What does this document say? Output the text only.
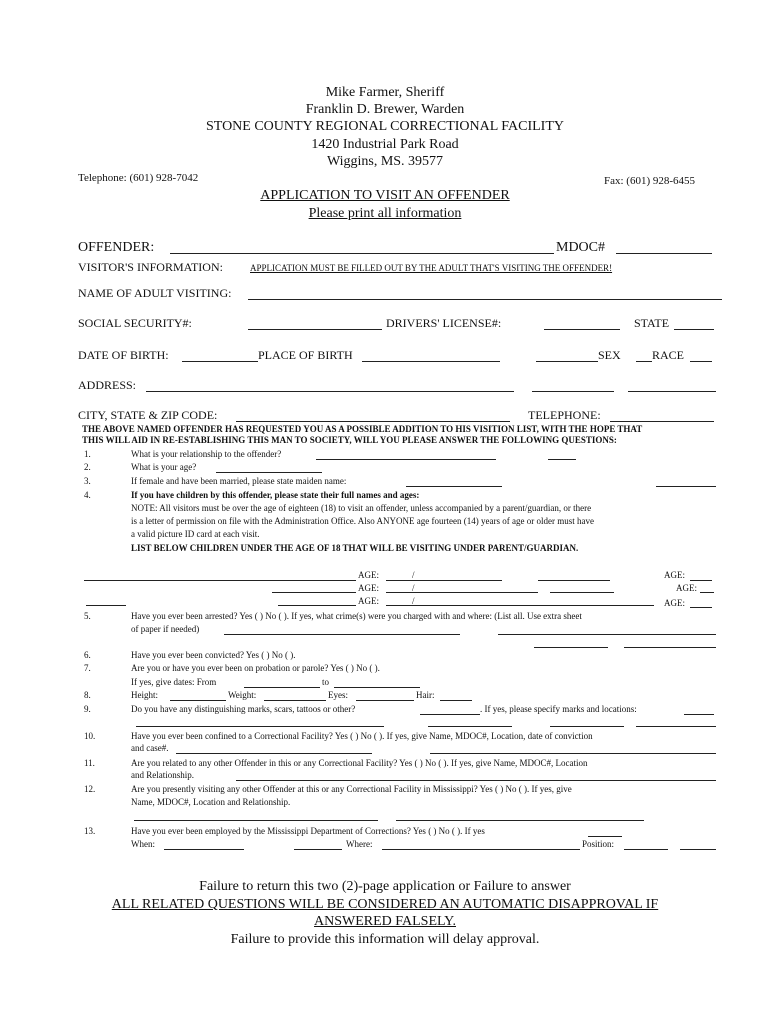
Mike Farmer, Sheriff
Franklin D. Brewer, Warden
STONE COUNTY REGIONAL CORRECTIONAL FACILITY
1420 Industrial Park Road
Wiggins, MS. 39577
Telephone: (601) 928-7042	Fax: (601) 928-6455
APPLICATION TO VISIT AN OFFENDER
Please print all information
OFFENDER:	MDOC#
VISITOR'S INFORMATION:	APPLICATION MUST BE FILLED OUT BY THE ADULT THAT'S VISITING THE OFFENDER!
NAME OF ADULT VISITING:
SOCIAL SECURITY#:	DRIVERS' LICENSE#:	STATE
DATE OF BIRTH:	PLACE OF BIRTH	SEX	RACE
ADDRESS:
CITY, STATE & ZIP CODE:	TELEPHONE:
THE ABOVE NAMED OFFENDER HAS REQUESTED YOU AS A POSSIBLE ADDITION TO HIS VISITION LIST, WITH THE HOPE THAT
THIS WILL AID IN RE-ESTABLISHING THIS MAN TO SOCIETY, WILL YOU PLEASE ANSWER THE FOLLOWING QUESTIONS:
1.	What is your relationship to the offender?
2.	What is your age?
3.	If female and have been married, please state maiden name:
4.	If you have children by this offender, please state their full names and ages:
NOTE: All visitors must be over the age of eighteen (18) to visit an offender, unless accompanied by a parent/guardian, or there
is a letter of permission on file with the Administration Office. Also ANYONE age fourteen (14) years of age or older must have
a valid picture ID card at each visit.
LIST BELOW CHILDREN UNDER THE AGE OF 18 THAT WILL BE VISITING UNDER PARENT/GUARDIAN.
AGE:	/	AGE:
AGE:	/	AGE:
AGE:	/	AGE:
5.	Have you ever been arrested? Yes ( ) No ( ). If yes, what crime(s) were you charged with and where: (List all. Use extra sheet
of paper if needed)
6.	Have you ever been convicted? Yes ( ) No ( ).
7.	Are you or have you ever been on probation or parole? Yes ( ) No ( ).
If yes, give dates: From	to
8.	Height:	Weight:	Eyes:	Hair:
9.	Do you have any distinguishing marks, scars, tattoos or other?	. If yes, please specify marks and locations:
10.	Have you ever been confined to a Correctional Facility? Yes ( ) No ( ). If yes, give Name, MDOC#, Location, date of conviction
and case#.
11.	Are you related to any other Offender in this or any Correctional Facility? Yes ( ) No ( ). If yes, give Name, MDOC#, Location
and Relationship.
12.	Are you presently visiting any other Offender at this or any Correctional Facility in Mississippi? Yes ( ) No ( ). If yes, give
Name, MDOC#, Location and Relationship.
13.	Have you ever been employed by the Mississippi Department of Corrections? Yes ( ) No ( ). If yes
When:	Where:	Position:
Failure to return this two (2)-page application or Failure to answer
ALL RELATED QUESTIONS WILL BE CONSIDERED AN AUTOMATIC DISAPPROVAL IF
ANSWERED FALSELY.
Failure to provide this information will delay approval.
